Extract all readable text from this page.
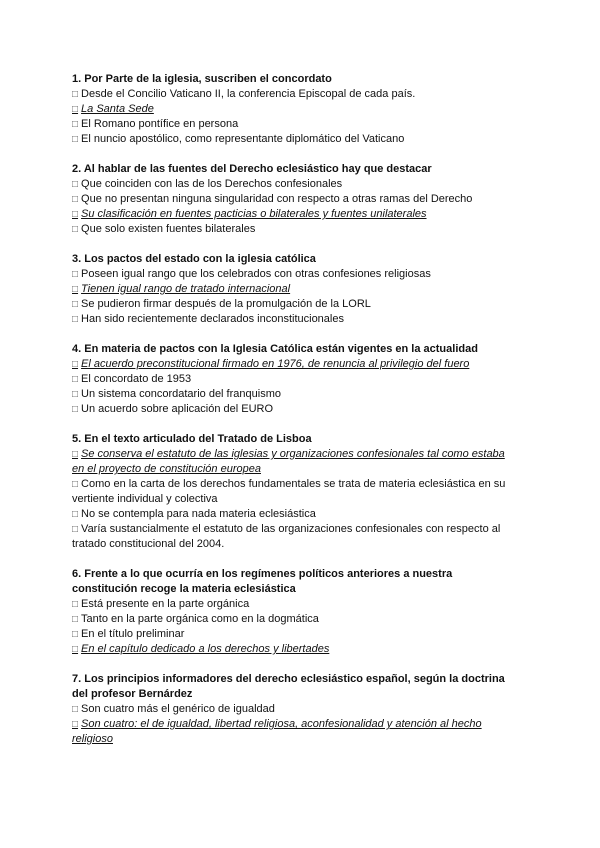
1. Por Parte de la iglesia, suscriben el concordato
□ Desde el Concilio Vaticano II, la conferencia Episcopal de cada país.
□ La Santa Sede
□ El Romano pontífice en persona
□ El nuncio apostólico, como representante diplomático del Vaticano
2. Al hablar de las fuentes del Derecho eclesiástico hay que destacar
□ Que coinciden con las de los Derechos confesionales
□ Que no presentan ninguna singularidad con respecto a otras ramas del Derecho
□ Su clasificación en fuentes pacticias o bilaterales y fuentes unilaterales
□ Que solo existen fuentes bilaterales
3. Los pactos del estado con la iglesia católica
□ Poseen igual rango que los celebrados con otras confesiones religiosas
□ Tienen igual rango de tratado internacional
□ Se pudieron firmar después de la promulgación de la LORL
□ Han sido recientemente declarados inconstitucionales
4. En materia de pactos con la Iglesia Católica están vigentes en la actualidad
□ El acuerdo preconstitucional firmado en 1976, de renuncia al privilegio del fuero
□ El concordato de 1953
□ Un sistema concordatario del franquismo
□ Un acuerdo sobre aplicación del EURO
5. En el texto articulado del Tratado de Lisboa
□ Se conserva el estatuto de las iglesias y organizaciones confesionales tal como estaba en el proyecto de constitución europea
□ Como en la carta de los derechos fundamentales se trata de materia eclesiástica en su vertiente individual y colectiva
□ No se contempla para nada materia eclesiástica
□ Varía sustancialmente el estatuto de las organizaciones confesionales con respecto al tratado constitucional del 2004.
6. Frente a lo que ocurría en los regímenes políticos anteriores a nuestra constitución recoge la materia eclesiástica
□ Está presente en la parte orgánica
□ Tanto en la parte orgánica como en la dogmática
□ En el título preliminar
□ En el capítulo dedicado a los derechos y libertades
7. Los principios informadores del derecho eclesiástico español, según la doctrina del profesor Bernárdez
□ Son cuatro más el genérico de igualdad
□ Son cuatro: el de igualdad, libertad religiosa, aconfesionalidad y atención al hecho religioso
